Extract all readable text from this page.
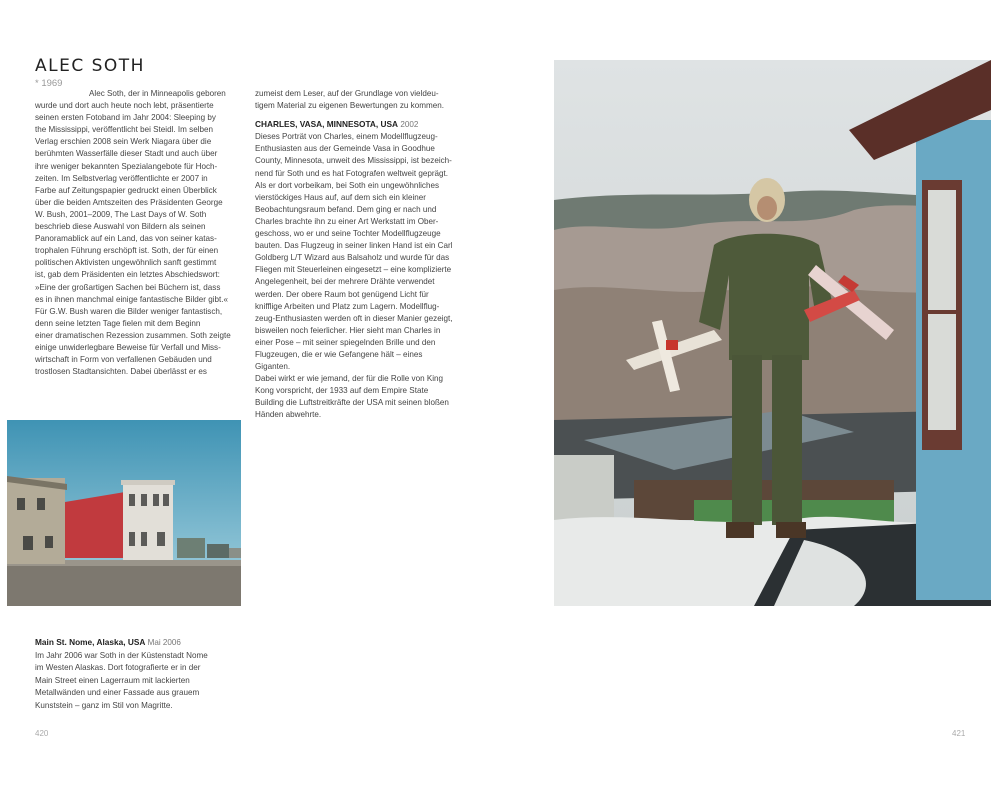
ALEC SOTH
* 1969
Alec Soth, der in Minneapolis geboren
wurde und dort auch heute noch lebt, präsentierte
seinen ersten Fotoband im Jahr 2004: Sleeping by
the Mississippi, veröffentlicht bei Steidl. Im selben
Verlag erschien 2008 sein Werk Niagara über die
berühmten Wasserfälle dieser Stadt und auch über
ihre weniger bekannten Spezialangebote für Hoch-
zeiten. Im Selbstverlag veröffentlichte er 2007 in
Farbe auf Zeitungspapier gedruckt einen Überblick
über die beiden Amtszeiten des Präsidenten George
W. Bush, 2001–2009, The Last Days of W. Soth
beschrieb diese Auswahl von Bildern als seinen
Panoramablick auf ein Land, das von seiner katas-
trophalen Führung erschöpft ist. Soth, der für einen
politischen Aktivisten ungewöhnlich sanft gestimmt
ist, gab dem Präsidenten ein letztes Abschiedswort:
»Eine der großartigen Sachen bei Büchern ist, dass
es in ihnen manchmal einige fantastische Bilder gibt.«
Für G.W. Bush waren die Bilder weniger fantastisch,
denn seine letzten Tage fielen mit dem Beginn
einer dramatischen Rezession zusammen. Soth zeigte
einige unwiderlegbare Beweise für Verfall und Miss-
wirtschaft in Form von verfallenen Gebäuden und
trostlosen Stadtansichten. Dabei überlässt er es
zumeist dem Leser, auf der Grundlage von vieldeu-
tigem Material zu eigenen Bewertungen zu kommen.

CHARLES, VASA, MINNESOTA, USA 2002
Dieses Porträt von Charles, einem Modellflugzeug-
Enthusiasten aus der Gemeinde Vasa in Goodhue
County, Minnesota, unweit des Mississippi, ist bezeich-
nend für Soth und es hat Fotografen weltweit geprägt.
Als er dort vorbeikam, bei Soth ein ungewöhnliches
vierstöckiges Haus auf, auf dem sich ein kleiner
Beobachtungsraum befand. Dem ging er nach und
Charles brachte ihn zu einer Art Werkstatt im Ober-
geschoss, wo er und seine Tochter Modellflugzeuge
bauten. Das Flugzeug in seiner linken Hand ist ein Carl
Goldberg L/T Wizard aus Balsaholz und wurde für das
Fliegen mit Steuerleinen eingesetzt – eine komplizierte
Angelegenheit, bei der mehrere Drähte verwendet
werden. Der obere Raum bot genügend Licht für
knifflige Arbeiten und Platz zum Lagern. Modellflug-
zeug-Enthusiasten werden oft in dieser Manier gezeigt,
bisweilen noch feierlicher. Hier sieht man Charles in
einer Pose – mit seiner spiegelnden Brille und den
Flugzeugen, die er wie Gefangene hält – eines Giganten.
Dabei wirkt er wie jemand, der für die Rolle von King
Kong vorspricht, der 1933 auf dem Empire State
Building die Luftstreitkräfte der USA mit seinen bloßen
Händen abwehrte.
Main St. Nome, Alaska, USA Mai 2006
Im Jahr 2006 war Soth in der Küstenstadt Nome
im Westen Alaskas. Dort fotografierte er in der
Main Street einen Lagerraum mit lackierten
Metallwänden und einer Fassade aus grauem
Kunststein – ganz im Stil von Magritte.
420	421
